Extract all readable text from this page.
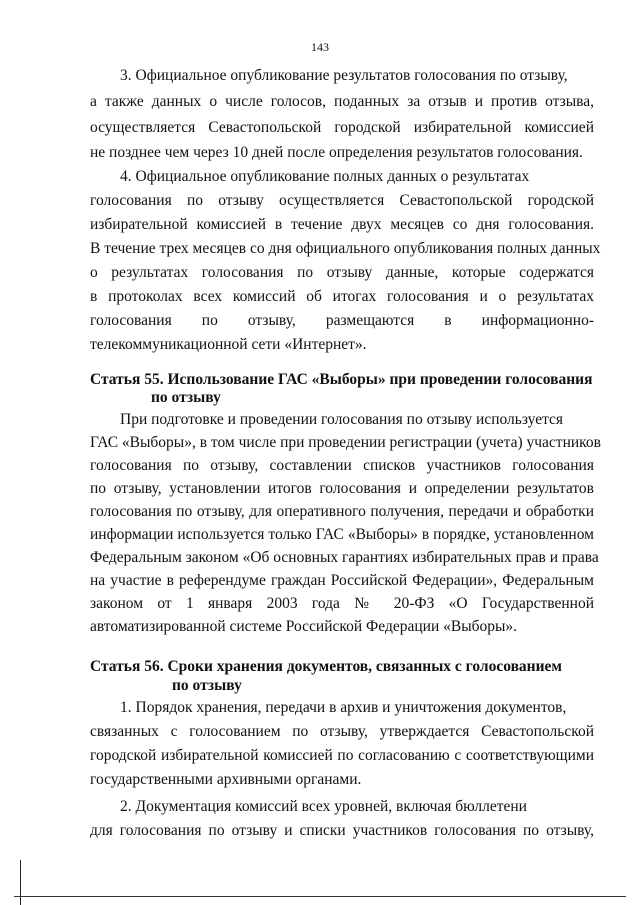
143
3. Официальное опубликование результатов голосования по отзыву,
а также данных о числе голосов, поданных за отзыв и против отзыва,
осуществляется Севастопольской городской избирательной комиссией
не позднее чем через 10 дней после определения результатов голосования.
4. Официальное опубликование полных данных о результатах
голосования по отзыву осуществляется Севастопольской городской
избирательной комиссией в течение двух месяцев со дня голосования.
В течение трех месяцев со дня официального опубликования полных данных
о результатах голосования по отзыву данные, которые содержатся
в протоколах всех комиссий об итогах голосования и о результатах
голосования по отзыву, размещаются в информационно-
телекоммуникационной сети «Интернет».
Статья 55. Использование ГАС «Выборы» при проведении голосования
по отзыву
При подготовке и проведении голосования по отзыву используется
ГАС «Выборы», в том числе при проведении регистрации (учета) участников
голосования по отзыву, составлении списков участников голосования
по отзыву, установлении итогов голосования и определении результатов
голосования по отзыву, для оперативного получения, передачи и обработки
информации используется только ГАС «Выборы» в порядке, установленном
Федеральным законом «Об основных гарантиях избирательных прав и права
на участие в референдуме граждан Российской Федерации», Федеральным
законом от 1 января 2003 года № 20-ФЗ «О Государственной
автоматизированной системе Российской Федерации «Выборы».
Статья 56. Сроки хранения документов, связанных с голосованием
по отзыву
1. Порядок хранения, передачи в архив и уничтожения документов,
связанных с голосованием по отзыву, утверждается Севастопольской
городской избирательной комиссией по согласованию с соответствующими
государственными архивными органами.
2. Документация комиссий всех уровней, включая бюллетени
для голосования по отзыву и списки участников голосования по отзыву,
